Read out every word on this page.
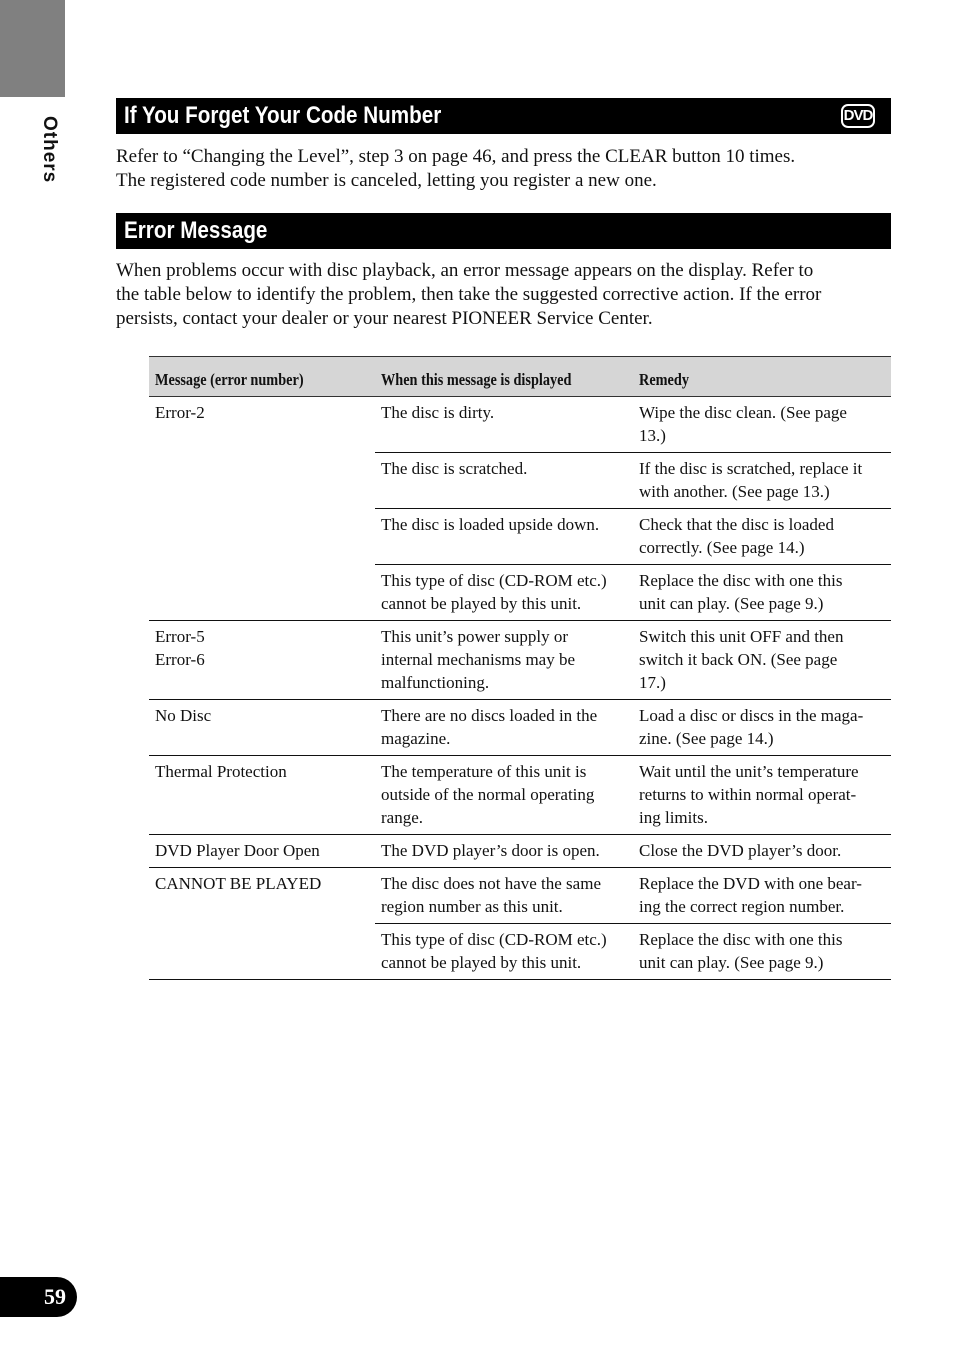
Others
If You Forget Your Code Number	DVD
Refer to “Changing the Level”, step 3 on page 46, and press the CLEAR button 10 times.
The registered code number is canceled, letting you register a new one.
Error Message
When problems occur with disc playback, an error message appears on the display. Refer to
the table below to identify the problem, then take the suggested corrective action. If the error
persists, contact your dealer or your nearest PIONEER Service Center.
Message (error number)	When this message is displayed	Remedy

Error-2	The disc is dirty.	Wipe the disc clean. (See page
13.)

	The disc is scratched.	If the disc is scratched, replace it
with another. (See page 13.)

	The disc is loaded upside down.	Check that the disc is loaded
correctly. (See page 14.)

	This type of disc (CD-ROM etc.)
cannot be played by this unit.	Replace the disc with one this
unit can play. (See page 9.)

Error-5
Error-6	This unit’s power supply or
internal mechanisms may be
malfunctioning.	Switch this unit OFF and then
switch it back ON. (See page
17.)

No Disc	There are no discs loaded in the
magazine.	Load a disc or discs in the maga-
zine. (See page 14.)

Thermal Protection	The temperature of this unit is
outside of the normal operating
range.	Wait until the unit’s temperature
returns to within normal operat-
ing limits.

DVD Player Door Open	The DVD player’s door is open.	Close the DVD player’s door.

CANNOT BE PLAYED	The disc does not have the same
region number as this unit.	Replace the DVD with one bear-
ing the correct region number.

	This type of disc (CD-ROM etc.)
cannot be played by this unit.	Replace the disc with one this
unit can play. (See page 9.)
59
